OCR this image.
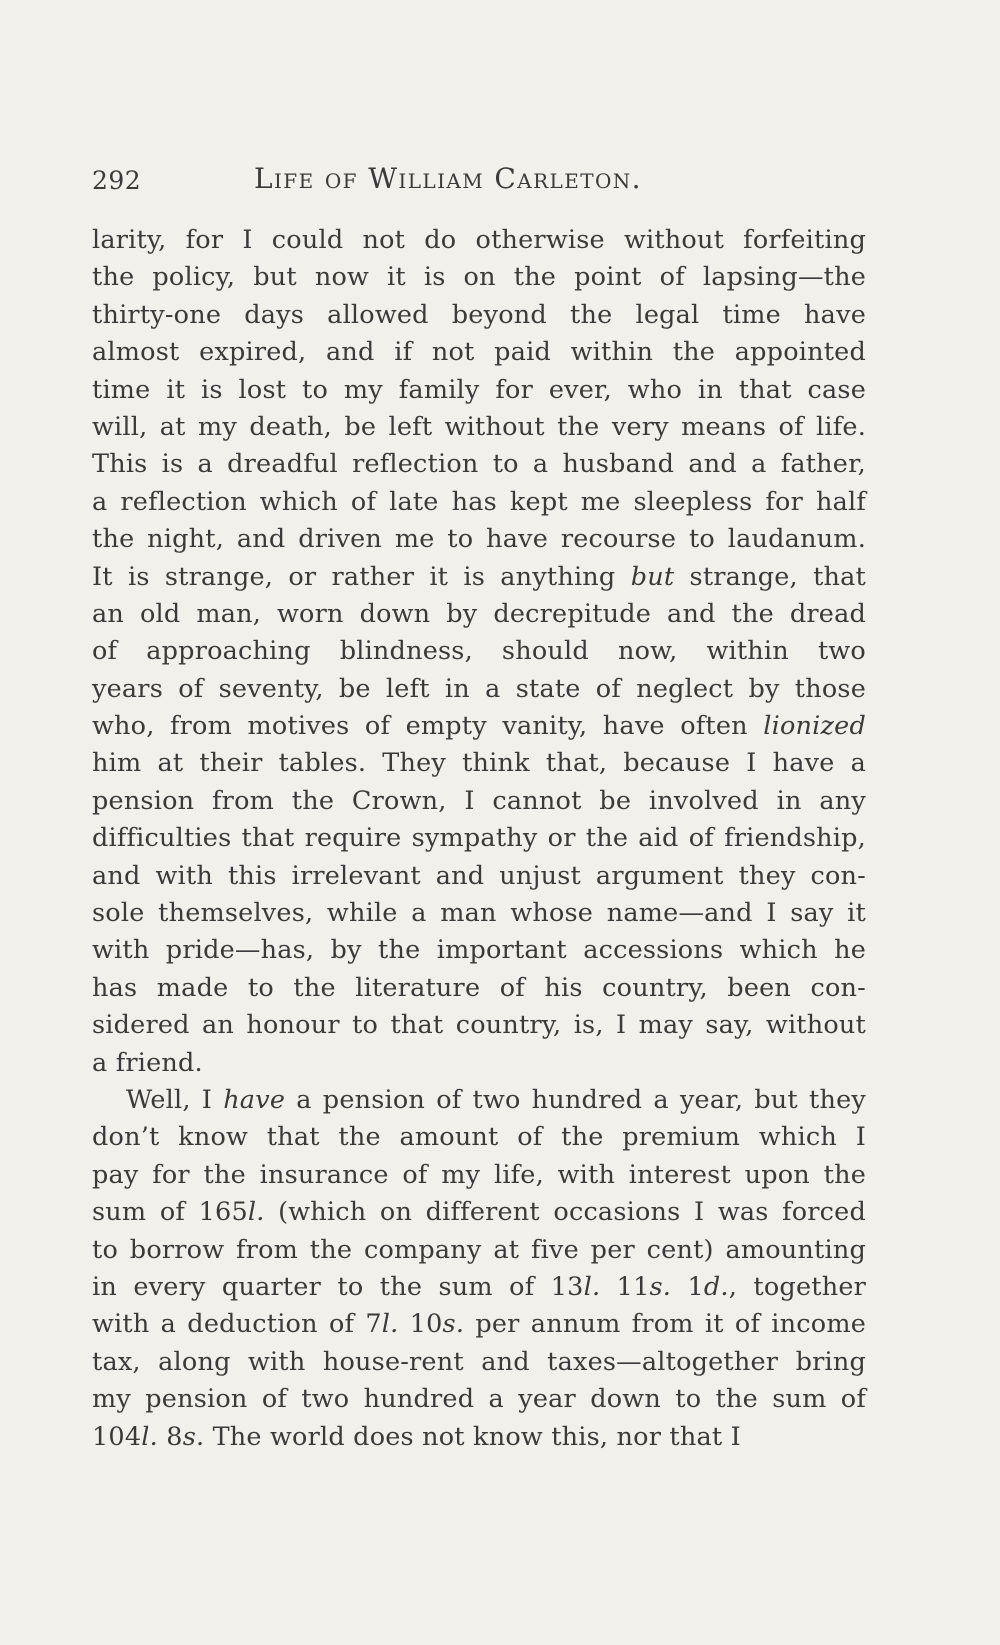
292	Life of William Carleton.
larity, for I could not do otherwise without forfeiting
the policy, but now it is on the point of lapsing—the
thirty-one days allowed beyond the legal time have
almost expired, and if not paid within the appointed
time it is lost to my family for ever, who in that case
will, at my death, be left without the very means of life.
This is a dreadful reflection to a husband and a father,
a reflection which of late has kept me sleepless for half
the night, and driven me to have recourse to laudanum.
It is strange, or rather it is anything but strange, that
an old man, worn down by decrepitude and the dread
of approaching blindness, should now, within two
years of seventy, be left in a state of neglect by those
who, from motives of empty vanity, have often lionized
him at their tables. They think that, because I have a
pension from the Crown, I cannot be involved in any
difficulties that require sympathy or the aid of friendship,
and with this irrelevant and unjust argument they con-
sole themselves, while a man whose name—and I say it
with pride—has, by the important accessions which he
has made to the literature of his country, been con-
sidered an honour to that country, is, I may say, without
a friend.
Well, I have a pension of two hundred a year, but they
don’t know that the amount of the premium which I
pay for the insurance of my life, with interest upon the
sum of 165l. (which on different occasions I was forced
to borrow from the company at five per cent) amounting
in every quarter to the sum of 13l. 11s. 1d., together
with a deduction of 7l. 10s. per annum from it of income
tax, along with house-rent and taxes—altogether bring
my pension of two hundred a year down to the sum of
104l. 8s. The world does not know this, nor that I
